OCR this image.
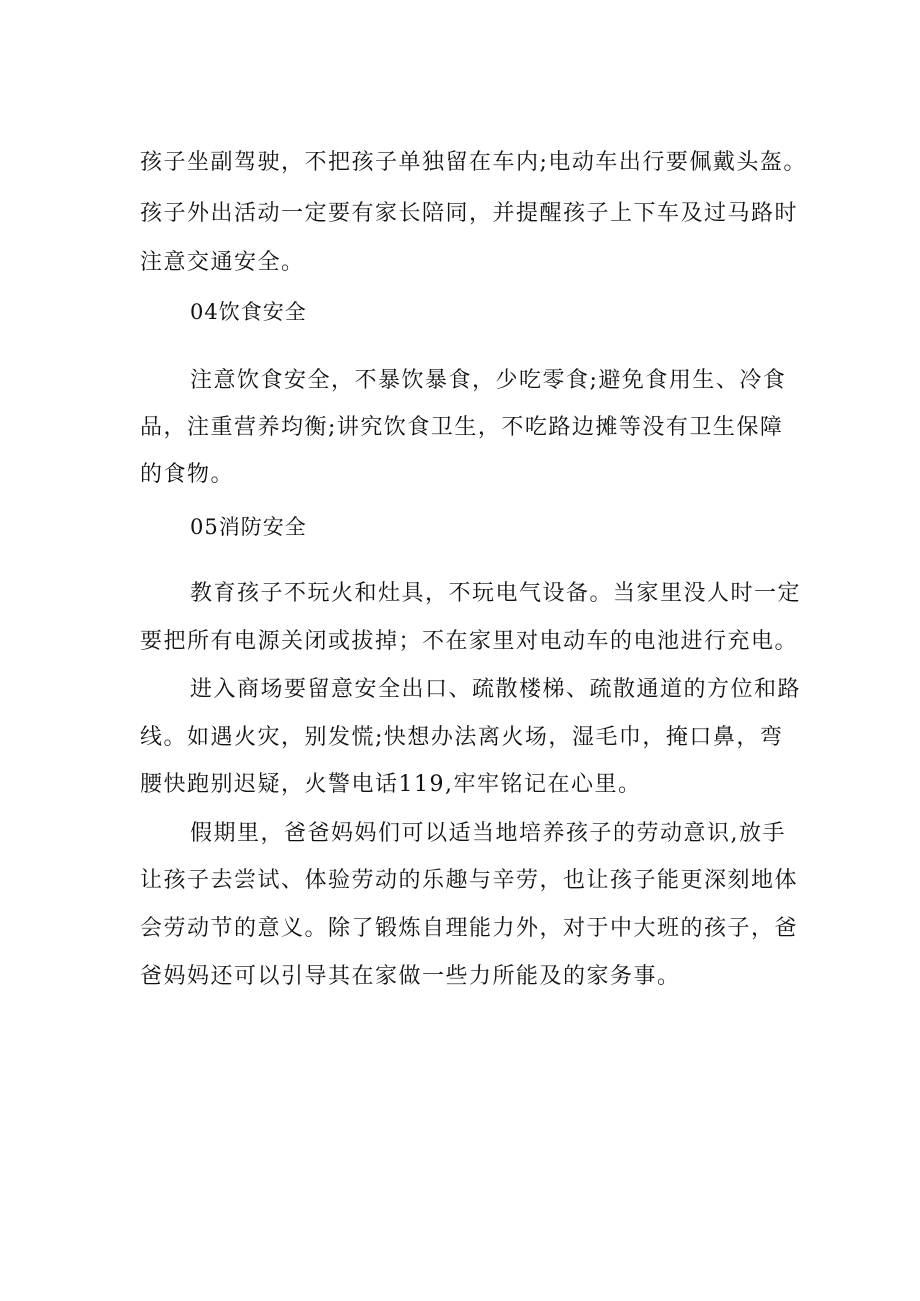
孩子坐副驾驶，不把孩子单独留在车内;电动车出行要佩戴头盔。
孩子外出活动一定要有家长陪同，并提醒孩子上下车及过马路时
注意交通安全。
04饮食安全
注意饮食安全，不暴饮暴食，少吃零食;避免食用生、冷食
品，注重营养均衡;讲究饮食卫生，不吃路边摊等没有卫生保障
的食物。
05消防安全
教育孩子不玩火和灶具，不玩电气设备。当家里没人时一定
要把所有电源关闭或拔掉；不在家里对电动车的电池进行充电。
进入商场要留意安全出口、疏散楼梯、疏散通道的方位和路
线。如遇火灾，别发慌;快想办法离火场，湿毛巾，掩口鼻，弯
腰快跑别迟疑，火警电话119,牢牢铭记在心里。
假期里，爸爸妈妈们可以适当地培养孩子的劳动意识,放手
让孩子去尝试、体验劳动的乐趣与辛劳，也让孩子能更深刻地体
会劳动节的意义。除了锻炼自理能力外，对于中大班的孩子，爸
爸妈妈还可以引导其在家做一些力所能及的家务事。
